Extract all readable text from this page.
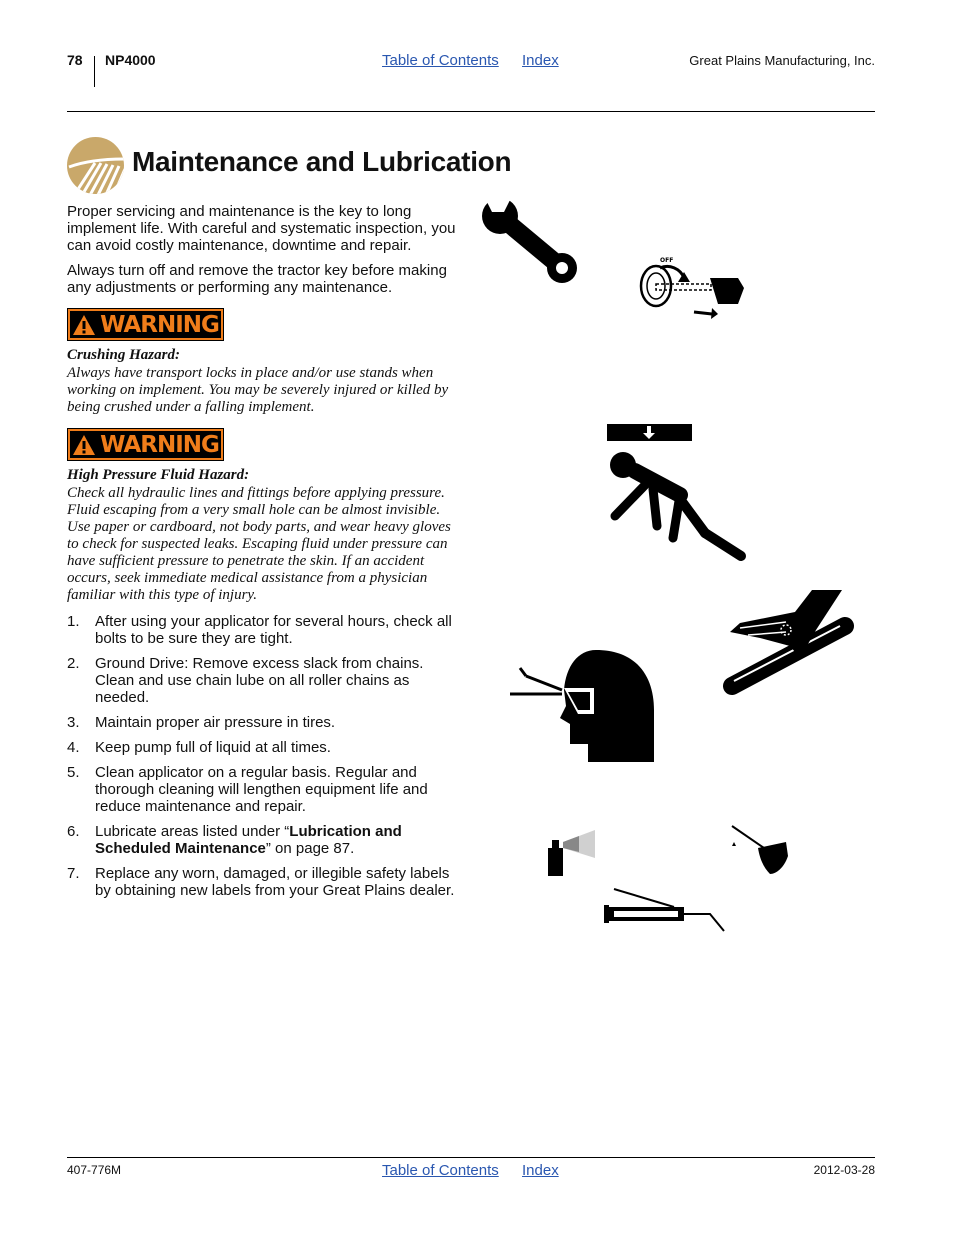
78 NP4000	Table of Contents Index	Great Plains Manufacturing, Inc.
Maintenance and Lubrication
Proper servicing and maintenance is the key to long implement life. With careful and systematic inspection, you can avoid costly maintenance, downtime and repair.
Always turn off and remove the tractor key before making any adjustments or performing any maintenance.
WARNING
Crushing Hazard:
Always have transport locks in place and/or use stands when working on implement. You may be severely injured or killed by being crushed under a falling implement.
WARNING
High Pressure Fluid Hazard:
Check all hydraulic lines and fittings before applying pressure. Fluid escaping from a very small hole can be almost invisible. Use paper or cardboard, not body parts, and wear heavy gloves to check for suspected leaks. Escaping fluid under pressure can have sufficient pressure to penetrate the skin. If an accident occurs, seek immediate medical assistance from a physician familiar with this type of injury.
1. After using your applicator for several hours, check all bolts to be sure they are tight.
2. Ground Drive: Remove excess slack from chains. Clean and use chain lube on all roller chains as needed.
3. Maintain proper air pressure in tires.
4. Keep pump full of liquid at all times.
5. Clean applicator on a regular basis. Regular and thorough cleaning will lengthen equipment life and reduce maintenance and repair.
6. Lubricate areas listed under “Lubrication and Scheduled Maintenance” on page 87.
7. Replace any worn, damaged, or illegible safety labels by obtaining new labels from your Great Plains dealer.
OFF
407-776M	Table of Contents Index	2012-03-28
